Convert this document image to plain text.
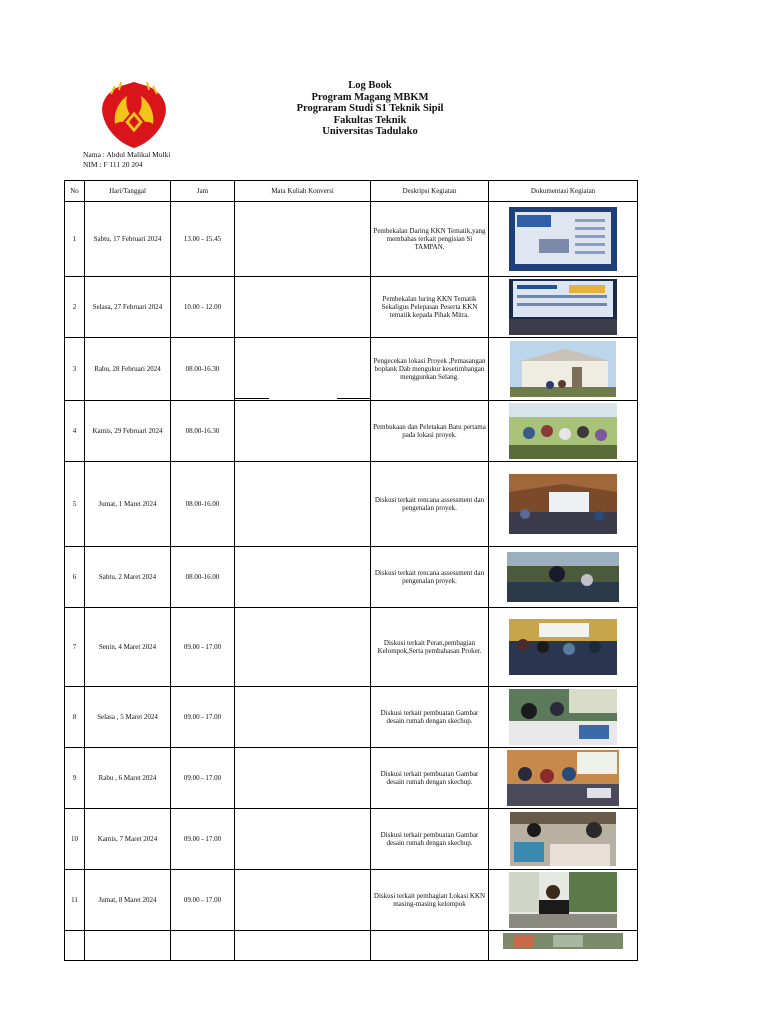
Log Book
Program Magang MBKM
Prograram Studi S1 Teknik Sipil
Fakultas Teknik
Universitas Tadulako
Nama : Abdul Malikal Mulki
NIM : F 111 20 204
No	Hari/Tanggal	Jam	Mata Kuliah Konversi	Deskripsi Kegiatan	Dokumentasi Kegiatan
1	Sabtu, 17 Februari 2024	13.00 - 15.45		Pembekalan Daring KKN Tematik,yang membahas terkait pengisian Si TAMPAN.	

2	Selasa, 27 Februari 2024	10.00 - 12.00		Pembekalan luring KKN Tematik Sekaligus Pelepasan Peserta KKN tematik kepada Pihak Mitra.	

3	Rabu, 28 Februari 2024	08.00-16.30		Pengecekan lokasi Proyek ,Pemasangan boplank Dab mengukur kesetimbangan menggunkan Selang.	

4	Kamis, 29 Februari 2024	08.00-16.30		Pembukaan dan Peletakan Batu pertama pada lokasi proyek.	

5	Jumat, 1 Maret 2024	08.00-16.00		Diskusi terkait rencana assessment dan pengenalan proyek.	

6	Sabtu, 2 Maret 2024	08.00-16.00		Diskusi terkait rencana assessment dan pengenalan proyek.	

7	Senin, 4 Maret 2024	09.00 - 17.00		Diskusi terkait Peran,pembagian Kelompok,Serta pembahasan Proker.	

8	Selasa , 5 Maret 2024	09.00 - 17.00		Diskusi terkait pembuatan Gambar desain rumah dengan skechup.	

9	Rabu , 6 Maret 2024	09.00 - 17.00		Diskusi terkait pembuatan Gambar desain rumah dengan skechup.	

10	Kamis, 7 Maret 2024	09.00 - 17.00		Diskusi terkait pembuatan Gambar desain rumah dengan skechup.	

11	Jumat, 8 Maret 2024	09.00 - 17.00		Diskusi terkait pembagian Lokasi KKN masing-masing kelompok	
